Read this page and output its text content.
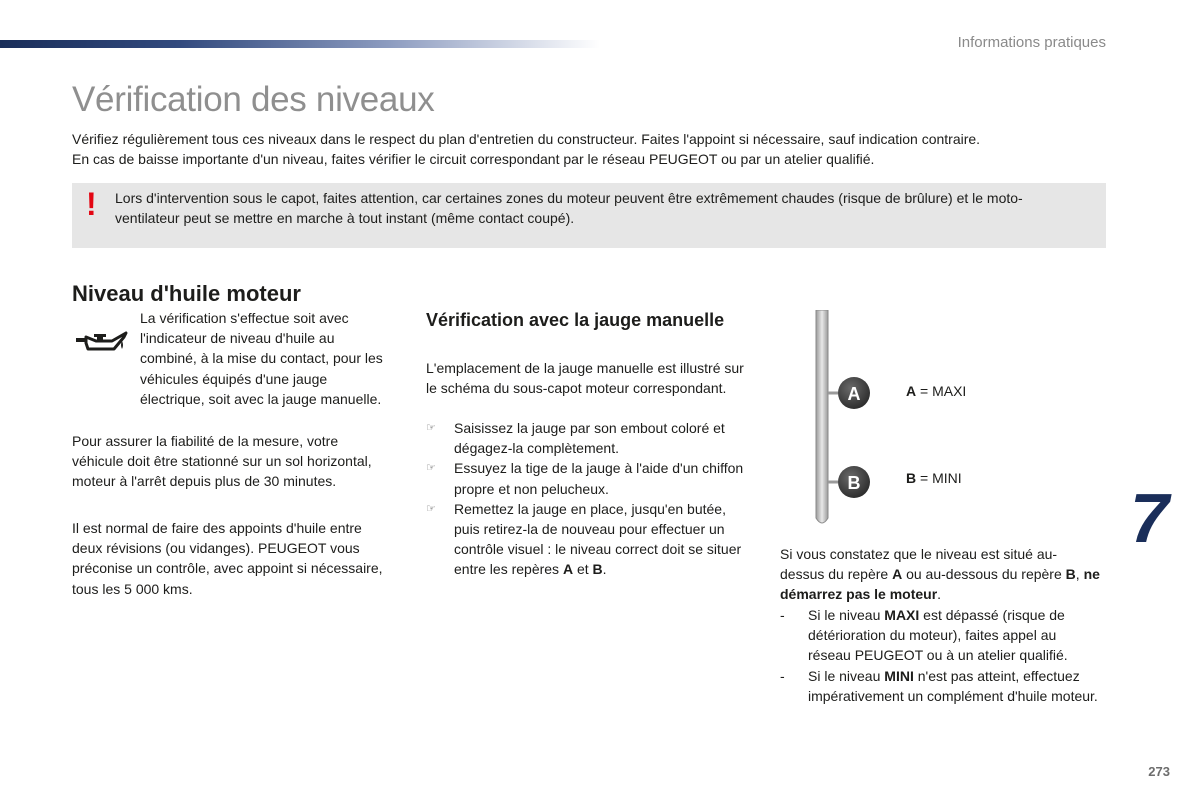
Informations pratiques
Vérification des niveaux

Vérifiez régulièrement tous ces niveaux dans le respect du plan d'entretien du constructeur. Faites l'appoint si nécessaire, sauf indication contraire.

En cas de baisse importante d'un niveau, faites vérifier le circuit correspondant par le réseau PEUGEOT ou par un atelier qualifié.

! Lors d'intervention sous le capot, faites attention, car certaines zones du moteur peuvent être extrêmement chaudes (risque de brûlure) et le moto-ventilateur peut se mettre en marche à tout instant (même contact coupé).
Niveau d'huile moteur
La vérification s'effectue soit avec l'indicateur de niveau d'huile au combiné, à la mise du contact, pour les véhicules équipés d'une jauge électrique, soit avec la jauge manuelle.

Pour assurer la fiabilité de la mesure, votre véhicule doit être stationné sur un sol horizontal, moteur à l'arrêt depuis plus de 30 minutes.

Il est normal de faire des appoints d'huile entre deux révisions (ou vidanges). PEUGEOT vous préconise un contrôle, avec appoint si nécessaire, tous les 5 000 kms.

Vérification avec la jauge manuelle

L'emplacement de la jauge manuelle est illustré sur le schéma du sous-capot moteur correspondant.

☞ Saisissez la jauge par son embout coloré et dégagez-la complètement.
☞ Essuyez la tige de la jauge à l'aide d'un chiffon propre et non pelucheux.
☞ Remettez la jauge en place, jusqu'en butée, puis retirez-la de nouveau pour effectuer un contrôle visuel : le niveau correct doit se situer entre les repères A et B.
A
B
A = MAXI
B = MINI
7

Si vous constatez que le niveau est situé au-dessus du repère A ou au-dessous du repère B, ne démarrez pas le moteur.

- Si le niveau MAXI est dépassé (risque de détérioration du moteur), faites appel au réseau PEUGEOT ou à un atelier qualifié.
- Si le niveau MINI n'est pas atteint, effectuez impérativement un complément d'huile moteur.
273
